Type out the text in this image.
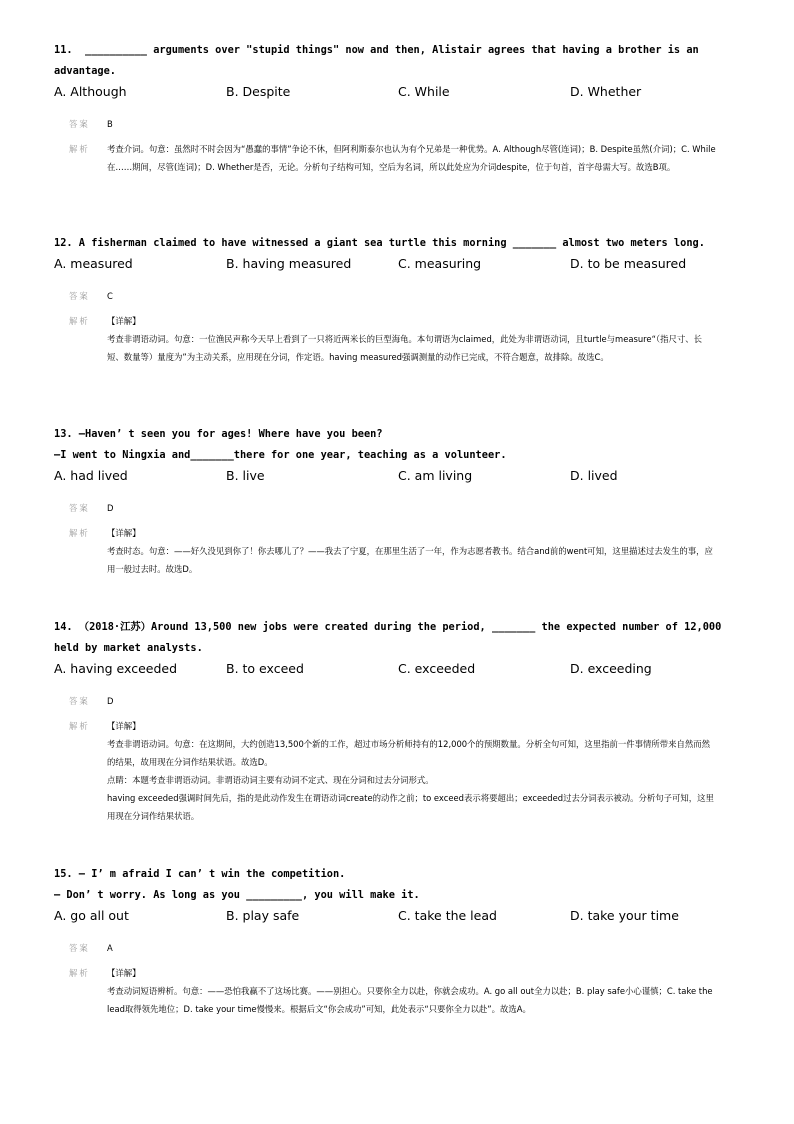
11.  __________ arguments over "stupid things" now and then, Alistair agrees that having a brother is an advantage.
A. Although	B. Despite	C. While	D. Whether
答案 B
解析 考查介词。句意：虽然时不时会因为“愚蠢的事情”争论不休，但阿利斯泰尔也认为有个兄弟是一种优势。A. Although尽管(连词)；B. Despite虽然(介词)；C. While在……期间，尽管(连词)；D. Whether是否，无论。分析句子结构可知，空后为名词，所以此处应为介词despite，位于句首，首字母需大写。故选B项。

12. A fisherman claimed to have witnessed a giant sea turtle this morning _______ almost two meters long.
A. measured	B. having measured	C. measuring	D. to be measured
答案 C
解析 【详解】

考查非谓语动词。句意：一位渔民声称今天早上看到了一只将近两米长的巨型海龟。本句谓语为claimed，此处为非谓语动词，且turtle与measure“（指尺寸、长短、数量等）量度为”为主动关系，应用现在分词，作定语。having measured强调测量的动作已完成，不符合题意，故排除。故选C。

13. —Haven’ t seen you for ages! Where have you been?
—I went to Ningxia and_______there for one year, teaching as a volunteer.
A. had lived	B. live	C. am living	D. lived
答案 D
解析 【详解】

考查时态。句意：——好久没见到你了！你去哪儿了？——我去了宁夏，在那里生活了一年，作为志愿者教书。结合and前的went可知，这里描述过去发生的事，应用一般过去时。故选D。

14. （2018·江苏）Around 13,500 new jobs were created during the period, _______ the expected number of 12,000 held by market analysts.
A. having exceeded	B. to exceed	C. exceeded	D. exceeding
答案 D
解析 【详解】

考查非谓语动词。句意：在这期间，大约创造13,500个新的工作，超过市场分析师持有的12,000个的预期数量。分析全句可知，这里指前一件事情所带来自然而然的结果，故用现在分词作结果状语。故选D。

点睛：本题考查非谓语动词。非谓语动词主要有动词不定式、现在分词和过去分词形式。

having exceeded强调时间先后，指的是此动作发生在谓语动词create的动作之前；to exceed表示将要超出；exceeded过去分词表示被动。分析句子可知，这里用现在分词作结果状语。

15. — I’ m afraid I can’ t win the competition.
— Don’ t worry. As long as you _________, you will make it.
A. go all out	B. play safe	C. take the lead	D. take your time
答案 A
解析 【详解】

考查动词短语辨析。句意：——恐怕我赢不了这场比赛。——别担心。只要你全力以赴，你就会成功。A. go all out全力以赴；B. play safe小心谨慎；C. take the lead取得领先地位；D. take your time慢慢来。根据后文“你会成功”可知，此处表示“只要你全力以赴”。故选A。
